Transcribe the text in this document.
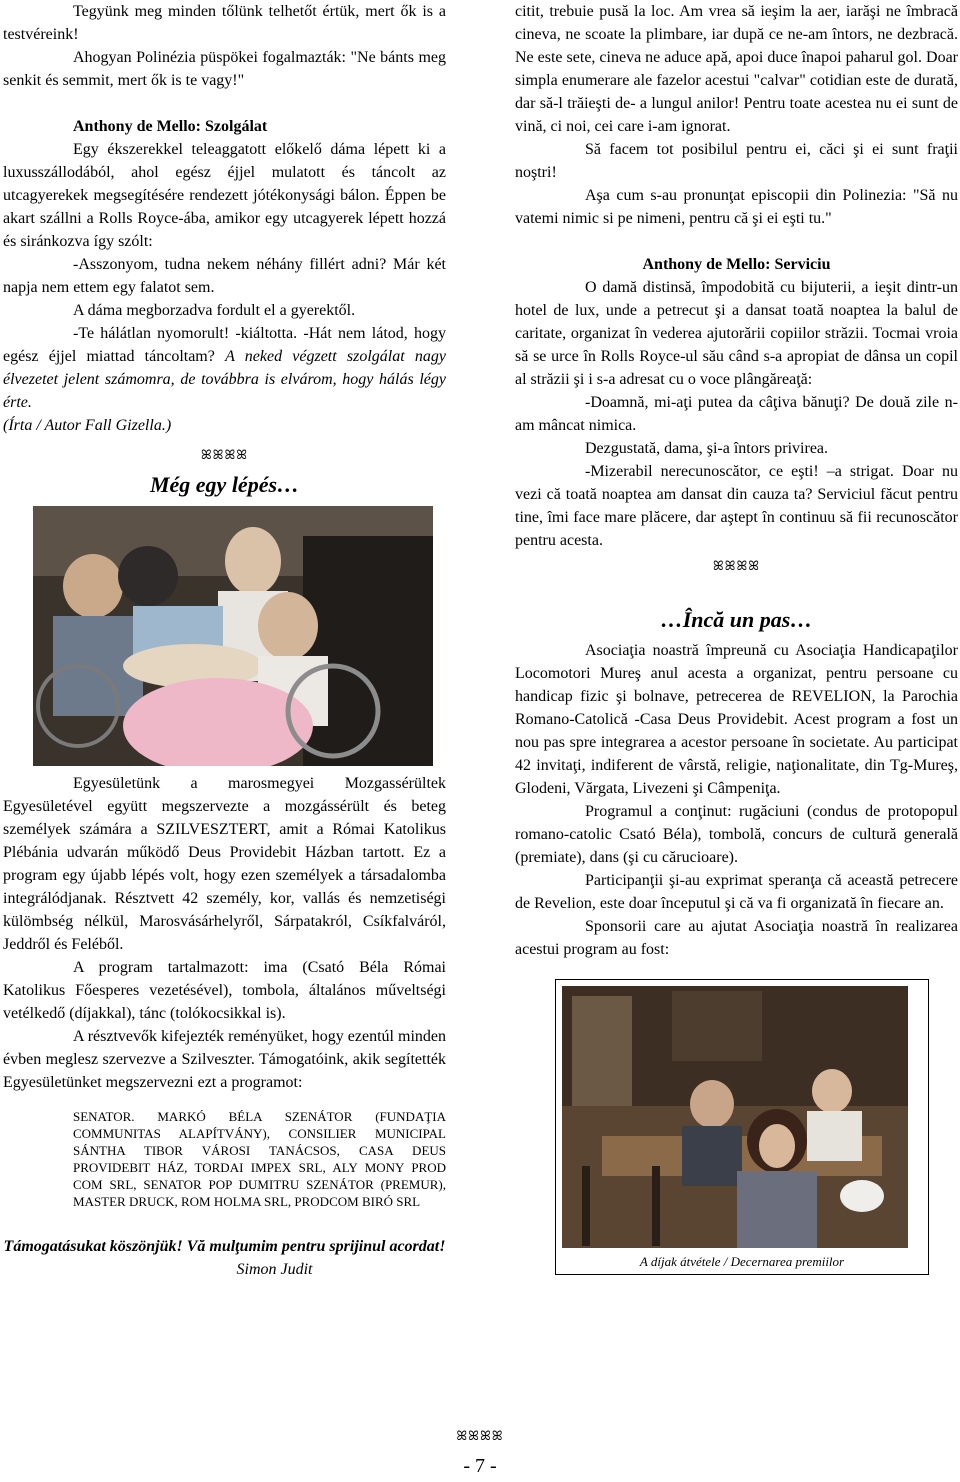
Tegyünk meg minden tőlünk telhetőt értük, mert ők is a testvéreink!

Ahogyan Polinézia püspökei fogalmazták: "Ne bánts meg senkit és semmit, mert ők is te vagy!"

Anthony de Mello: Szolgálat

Egy ékszerekkel teleaggatott előkelő dáma lépett ki a luxusszállodából, ahol egész éjjel mulatott és táncolt az utcagyerekek megsegítésére rendezett jótékonysági bálon. Éppen be akart szállni a Rolls Royce-ába, amikor egy utcagyerek lépett hozzá és siránkozva így szólt:

-Asszonyom, tudna nekem néhány fillért adni? Már két napja nem ettem egy falatot sem.

A dáma megborzadva fordult el a gyerektől.

-Te hálátlan nyomorult! -kiáltotta. -Hát nem látod, hogy egész éjjel miattad táncoltam? A neked végzett szolgálat nagy élvezetet jelent számomra, de továbbra is elvárom, hogy hálás légy érte.

(Írta / Autor Fall Gizella.)

ꕤꕤꕤꕤ
Még egy lépés…

Egyesületünk a marosmegyei Mozgassérültek Egyesületével együtt megszervezte a mozgássérült és beteg személyek számára a SZILVESZTERT, amit a Római Katolikus Plébánia udvarán működő Deus Providebit Házban tartott. Ez a program egy újabb lépés volt, hogy ezen személyek a társadalomba integrálódjanak. Résztvett 42 személy, kor, vallás és nemzetiségi külömbség nélkül, Marosvásárhelyről, Sárpatakról, Csíkfalváról, Jeddről és Feléből.

A program tartalmazott: ima (Csató Béla Római Katolikus Főesperes vezetésével), tombola, általános műveltségi vetélkedő (díjakkal), tánc (tolókocsikkal is).

A résztvevők kifejezték reményüket, hogy ezentúl minden évben meglesz szervezve a Szilveszter. Támogatóink, akik segítették Egyesületünket megszervezni ezt a programot:

SENATOR. MARKÓ BÉLA SZENÁTOR (FUNDAŢIA COMMUNITAS ALAPÍTVÁNY), CONSILIER MUNICIPAL SÁNTHA TIBOR VÁROSI TANÁCSOS, CASA DEUS PROVIDEBIT HÁZ, TORDAI IMPEX SRL, ALY MONY PROD COM SRL, SENATOR POP DUMITRU SZENÁTOR (PREMUR), MASTER DRUCK, ROM HOLMA SRL, PRODCOM BIRÓ SRL

Támogatásukat köszönjük! Vă mulţumim pentru sprijinul acordat!

Simon Judit

citit, trebuie pusă la loc. Am vrea să ieşim la aer, iarăşi ne îmbracă cineva, ne scoate la plimbare, iar după ce ne-am întors, ne dezbracă. Ne este sete, cineva ne aduce apă, apoi duce înapoi paharul gol. Doar simpla enumerare ale fazelor acestui "calvar" cotidian este de durată, dar să-l trăieşti de- a lungul anilor! Pentru toate acestea nu ei sunt de vină, ci noi, cei care i-am ignorat.

Să facem tot posibilul pentru ei, căci şi ei sunt fraţii noştri!

Aşa cum s-au pronunţat episcopii din Polinezia: "Să nu vatemi nimic si pe nimeni, pentru că şi ei eşti tu."

Anthony de Mello: Serviciu

O damă distinsă, împodobită cu bijuterii, a ieşit dintr-un hotel de lux, unde a petrecut şi a dansat toată noaptea la balul de caritate, organizat în vederea ajutorării copiilor străzii. Tocmai vroia să se urce în Rolls Royce-ul său când s-a apropiat de dânsa un copil al străzii şi i s-a adresat cu o voce plângăreaţă:

-Doamnă, mi-aţi putea da câţiva bănuţi? De două zile n-am mâncat nimica.

Dezgustată, dama, şi-a întors privirea.

-Mizerabil nerecunoscător, ce eşti! –a strigat. Doar nu vezi că toată noaptea am dansat din cauza ta? Serviciul făcut pentru tine, îmi face mare plăcere, dar aştept în continuu să fii recunoscător pentru acesta.

ꕤꕤꕤꕤ
…Încă un pas…

Asociaţia noastră împreună cu Asociaţia Handicapaţilor Locomotori Mureş anul acesta a organizat, pentru persoane cu handicap fizic şi bolnave, petrecerea de REVELION, la Parochia Romano-Catolică -Casa Deus Providebit. Acest program a fost un nou pas spre integrarea a acestor persoane în societate. Au participat 42 invitaţi, indiferent de vârstă, religie, naţionalitate, din Tg-Mureş, Glodeni, Vărgata, Livezeni şi Câmpeniţa.

Programul a conţinut: rugăciuni (condus de protopopul romano-catolic Csató Béla), tombolă, concurs de cultură generală (premiate), dans (şi cu cărucioare).

Participanţii şi-au exprimat speranţa că această petrecere de Revelion, este doar începutul şi că va fi organizată în fiecare an.

Sponsorii care au ajutat Asociaţia noastră în realizarea acestui program au fost:

A díjak átvétele / Decernarea premiilor
ꕤꕤꕤꕤ
- 7 -
